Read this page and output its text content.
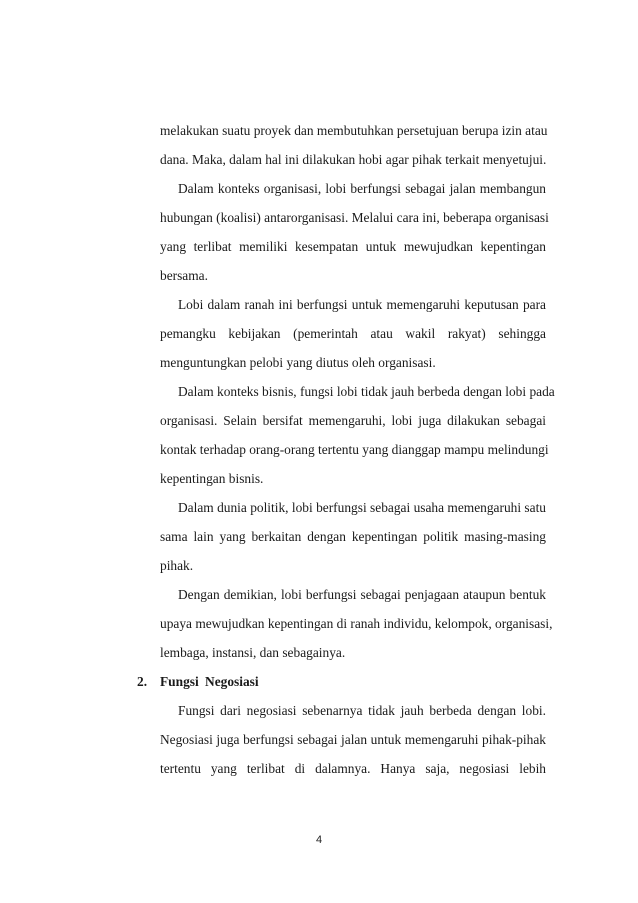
melakukan suatu proyek dan membutuhkan persetujuan berupa izin atau
dana. Maka, dalam hal ini dilakukan hobi agar pihak terkait menyetujui.
Dalam konteks organisasi, lobi berfungsi sebagai jalan membangun
hubungan (koalisi) antarorganisasi. Melalui cara ini, beberapa organisasi
yang terlibat memiliki kesempatan untuk mewujudkan kepentingan
bersama.
Lobi dalam ranah ini berfungsi untuk memengaruhi keputusan para
pemangku kebijakan (pemerintah atau wakil rakyat) sehingga
menguntungkan pelobi yang diutus oleh organisasi.
Dalam konteks bisnis, fungsi lobi tidak jauh berbeda dengan lobi pada
organisasi. Selain bersifat memengaruhi, lobi juga dilakukan sebagai
kontak terhadap orang-orang tertentu yang dianggap mampu melindungi
kepentingan bisnis.
Dalam dunia politik, lobi berfungsi sebagai usaha memengaruhi satu
sama lain yang berkaitan dengan kepentingan politik masing-masing
pihak.
Dengan demikian, lobi berfungsi sebagai penjagaan ataupun bentuk
upaya mewujudkan kepentingan di ranah individu, kelompok, organisasi,
lembaga, instansi, dan sebagainya.
2. Fungsi Negosiasi
Fungsi dari negosiasi sebenarnya tidak jauh berbeda dengan lobi.
Negosiasi juga berfungsi sebagai jalan untuk memengaruhi pihak-pihak
tertentu yang terlibat di dalamnya. Hanya saja, negosiasi lebih
4
